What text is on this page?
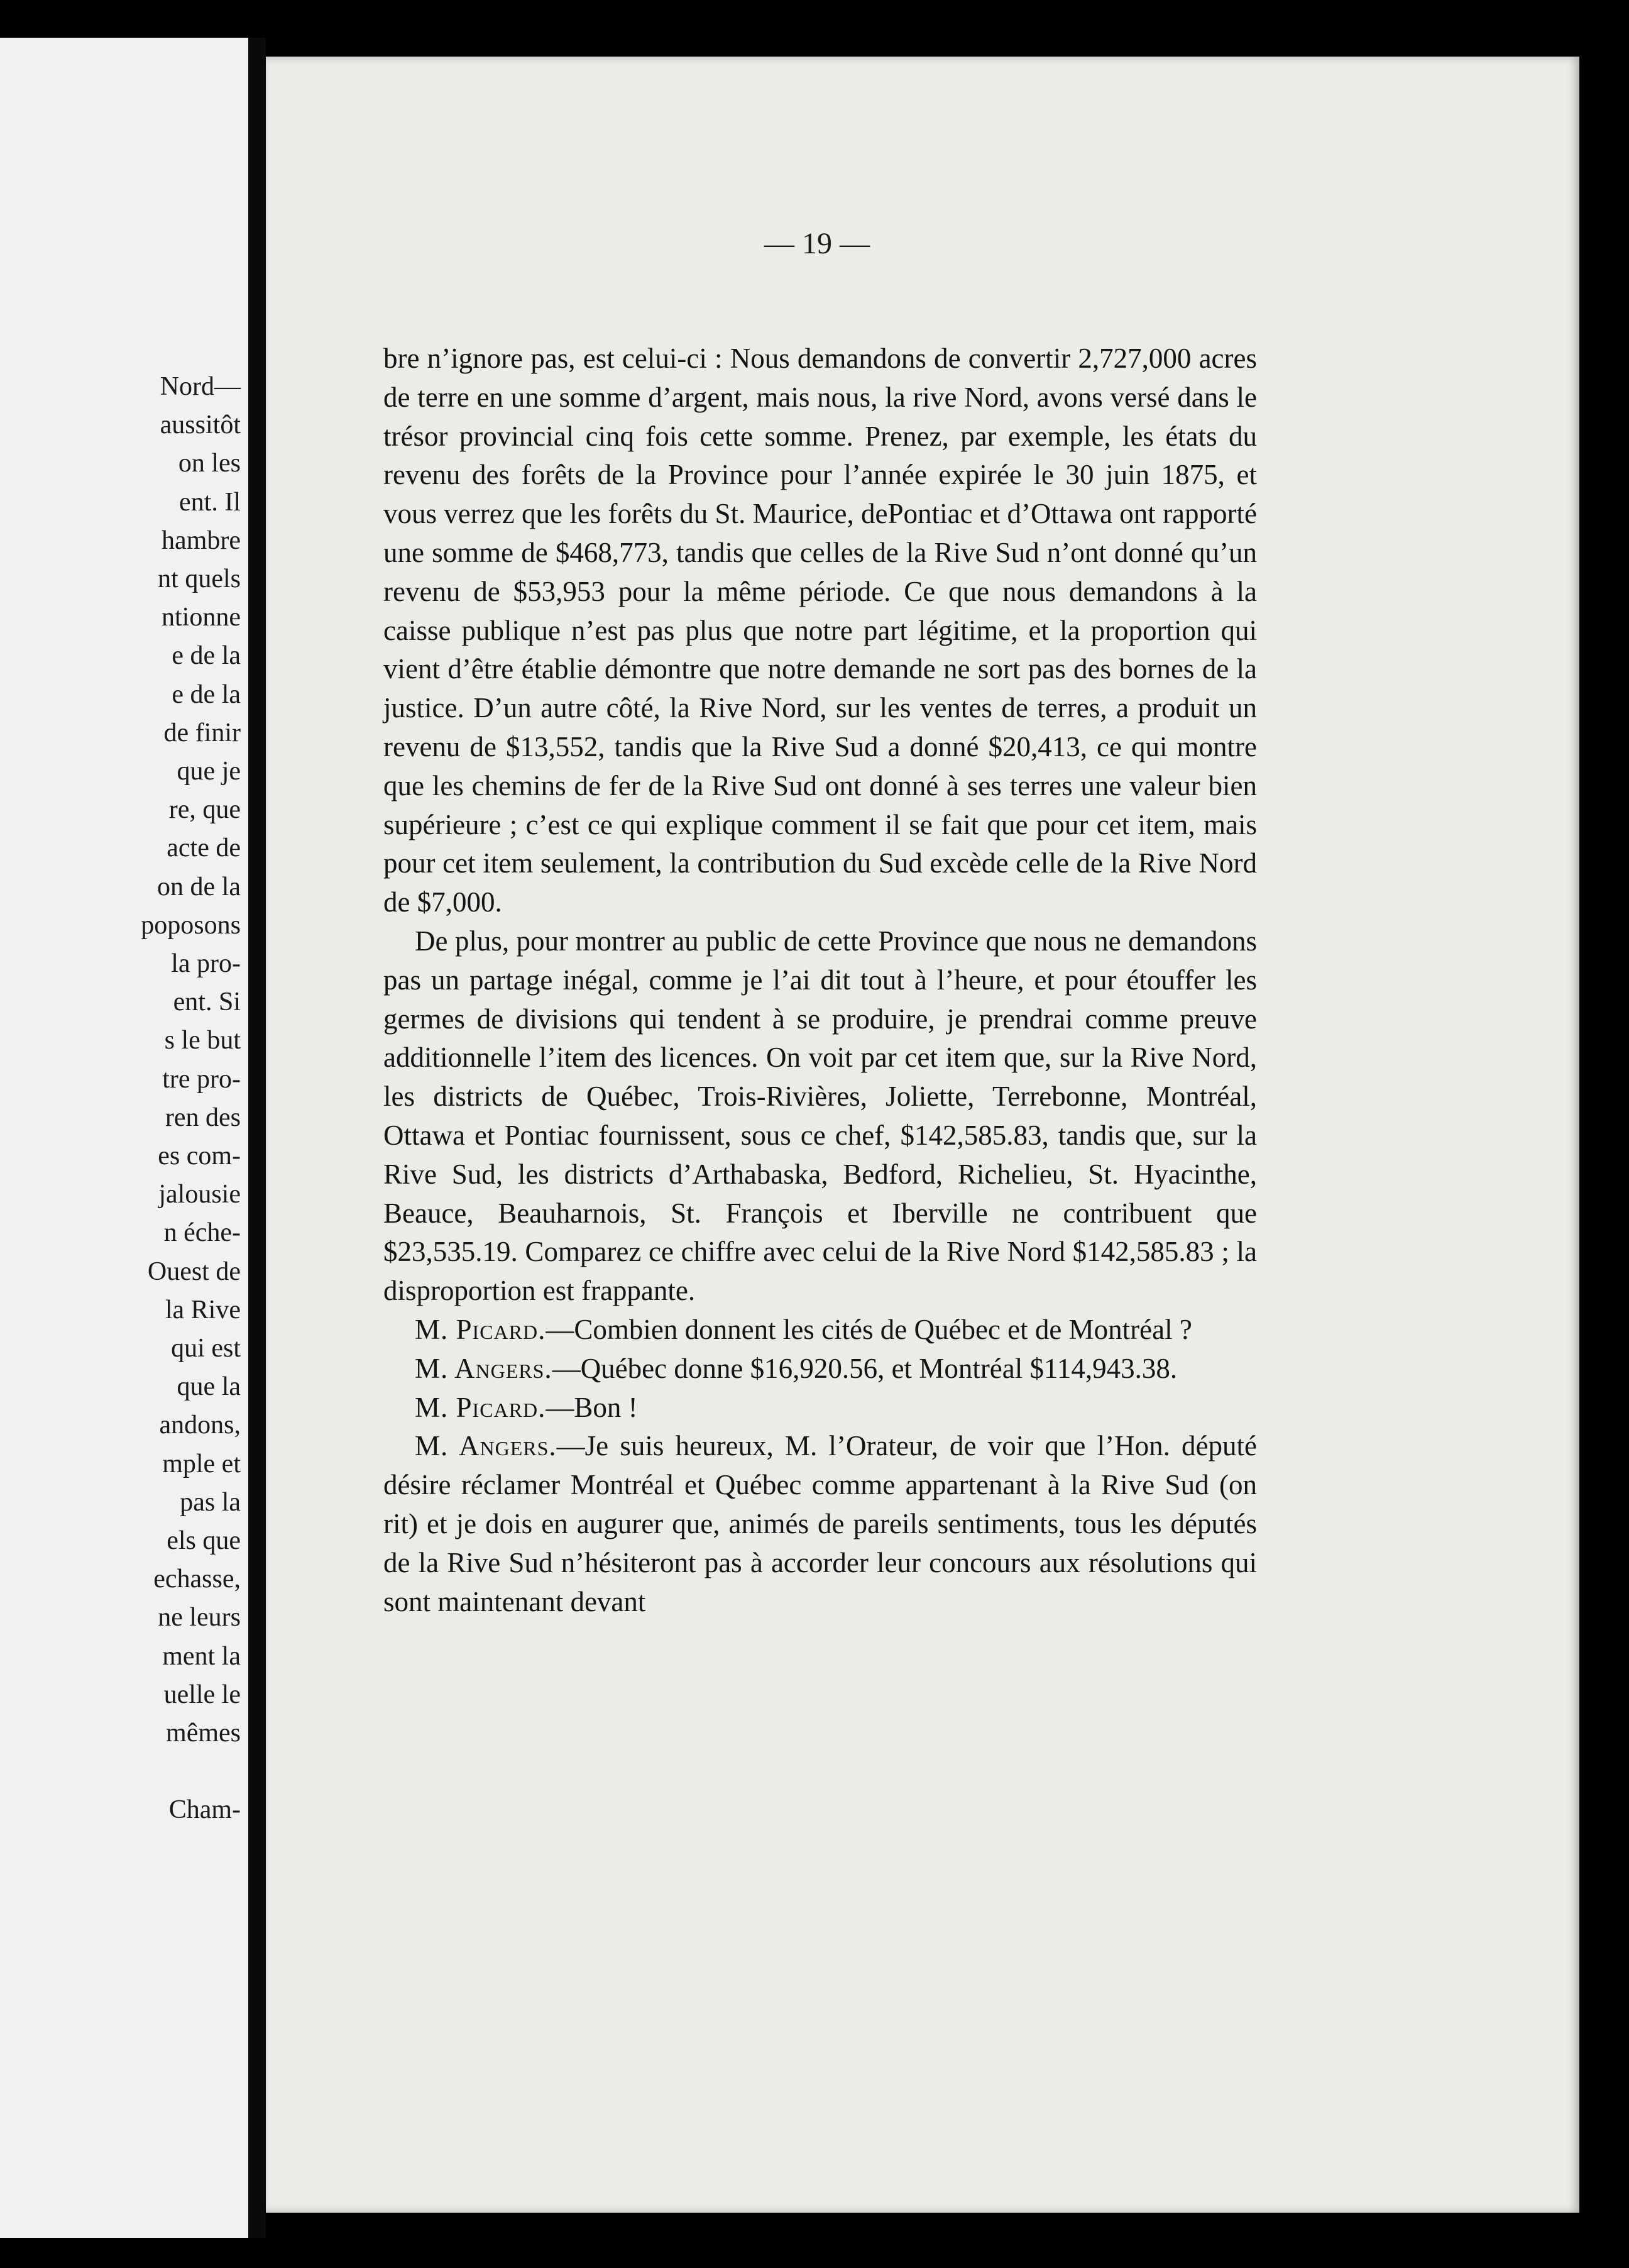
Nord—
aussitôt
on les
ent. Il
hambre
nt quels
ntionne
e de la
e de la
de finir
que je
re, que
acte de
on de la
poposons
la pro-
ent. Si
s le but
tre pro-
ren des
es com-
jalousie
n éche-
Ouest de
la Rive
qui est
que la
andons,
mple et
pas la
els que
echasse,
ne leurs
ment la
uelle le
mêmes
Cham-
— 19 —

bre n’ignore pas, est celui-ci : Nous demandons de convertir 2,727,000 acres de terre en une somme d’argent, mais nous, la rive Nord, avons versé dans le trésor provincial cinq fois cette somme. Prenez, par exemple, les états du revenu des forêts de la Province pour l’année expirée le 30 juin 1875, et vous verrez que les forêts du St. Maurice, dePontiac et d’Ottawa ont rapporté une somme de $468,773, tandis que celles de la Rive Sud n’ont donné qu’un revenu de $53,953 pour la même période. Ce que nous demandons à la caisse publique n’est pas plus que notre part légitime, et la proportion qui vient d’être établie démontre que notre demande ne sort pas des bornes de la justice. D’un autre côté, la Rive Nord, sur les ventes de terres, a produit un revenu de $13,552, tandis que la Rive Sud a donné $20,413, ce qui montre que les chemins de fer de la Rive Sud ont donné à ses terres une valeur bien supérieure ; c’est ce qui explique comment il se fait que pour cet item, mais pour cet item seulement, la contribution du Sud excède celle de la Rive Nord de $7,000.

De plus, pour montrer au public de cette Province que nous ne demandons pas un partage inégal, comme je l’ai dit tout à l’heure, et pour étouffer les germes de divisions qui tendent à se produire, je prendrai comme preuve additionnelle l’item des licences. On voit par cet item que, sur la Rive Nord, les districts de Québec, Trois-Rivières, Joliette, Terrebonne, Montréal, Ottawa et Pontiac fournissent, sous ce chef, $142,585.83, tandis que, sur la Rive Sud, les districts d’Arthabaska, Bedford, Richelieu, St. Hyacinthe, Beauce, Beauharnois, St. François et Iberville ne contribuent que $23,535.19. Comparez ce chiffre avec celui de la Rive Nord $142,585.83 ; la disproportion est frappante.

M. Picard.—Combien donnent les cités de Québec et de Montréal ?

M. Angers.—Québec donne $16,920.56, et Montréal $114,943.38.

M. Picard.—Bon !

M. Angers.—Je suis heureux, M. l’Orateur, de voir que l’Hon. député désire réclamer Montréal et Québec comme appartenant à la Rive Sud (on rit) et je dois en augurer que, animés de pareils sentiments, tous les députés de la Rive Sud n’hésiteront pas à accorder leur concours aux résolutions qui sont maintenant devant
